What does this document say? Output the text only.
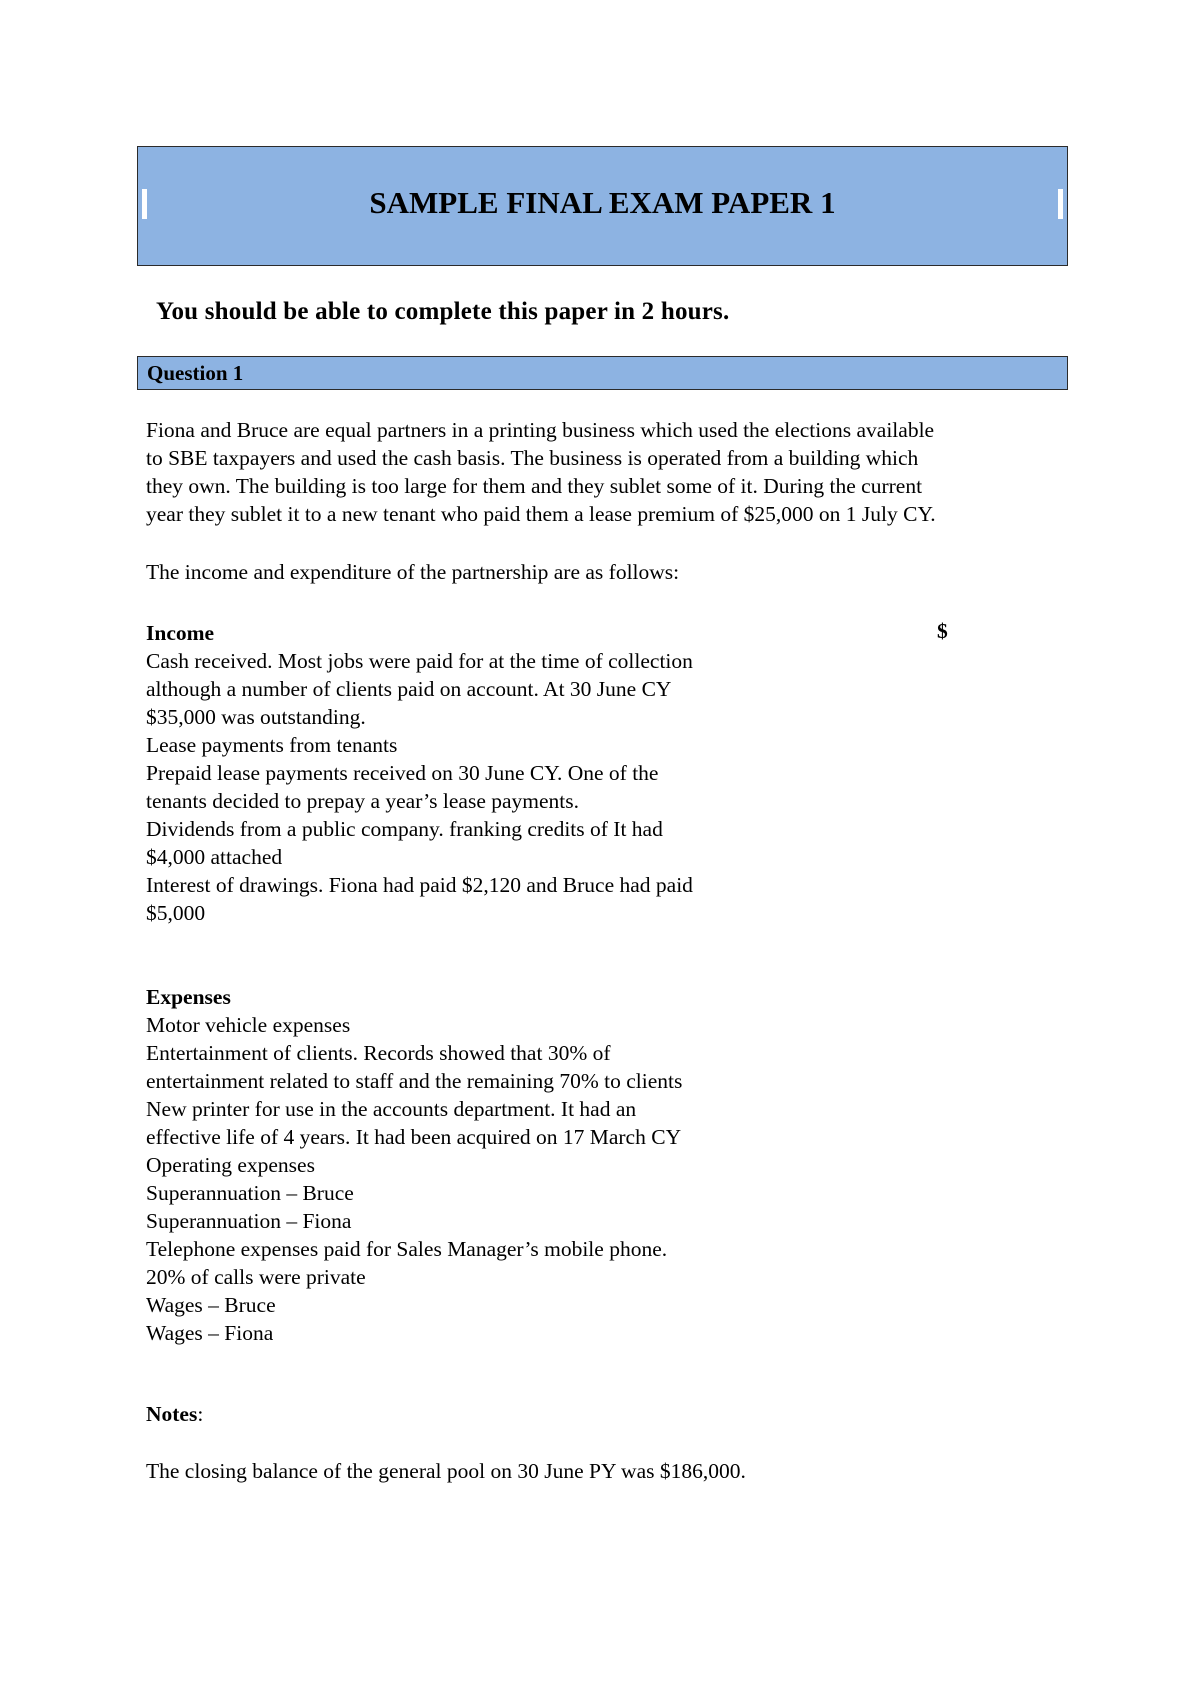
SAMPLE FINAL EXAM PAPER 1
You should be able to complete this paper in 2 hours.
Question 1
Fiona and Bruce are equal partners in a printing business which used the elections available
to SBE taxpayers and used the cash basis. The business is operated from a building which
they own. The building is too large for them and they sublet some of it. During the current
year they sublet it to a new tenant who paid them a lease premium of $25,000 on 1 July CY.
The income and expenditure of the partnership are as follows:
Income
Cash received. Most jobs were paid for at the time of collection
although a number of clients paid on account. At 30 June CY
$35,000 was outstanding.
Lease payments from tenants
Prepaid lease payments received on 30 June CY. One of the
tenants decided to prepay a year’s lease payments.
Dividends from a public company. franking credits of It had
$4,000 attached
Interest of drawings. Fiona had paid $2,120 and Bruce had paid
$5,000
$
Expenses
Motor vehicle expenses
Entertainment of clients. Records showed that 30% of
entertainment related to staff and the remaining 70% to clients
New printer for use in the accounts department. It had an
effective life of 4 years. It had been acquired on 17 March CY
Operating expenses
Superannuation – Bruce
Superannuation – Fiona
Telephone expenses paid for Sales Manager’s mobile phone.
20% of calls were private
Wages – Bruce
Wages – Fiona
Notes:
The closing balance of the general pool on 30 June PY was $186,000.
